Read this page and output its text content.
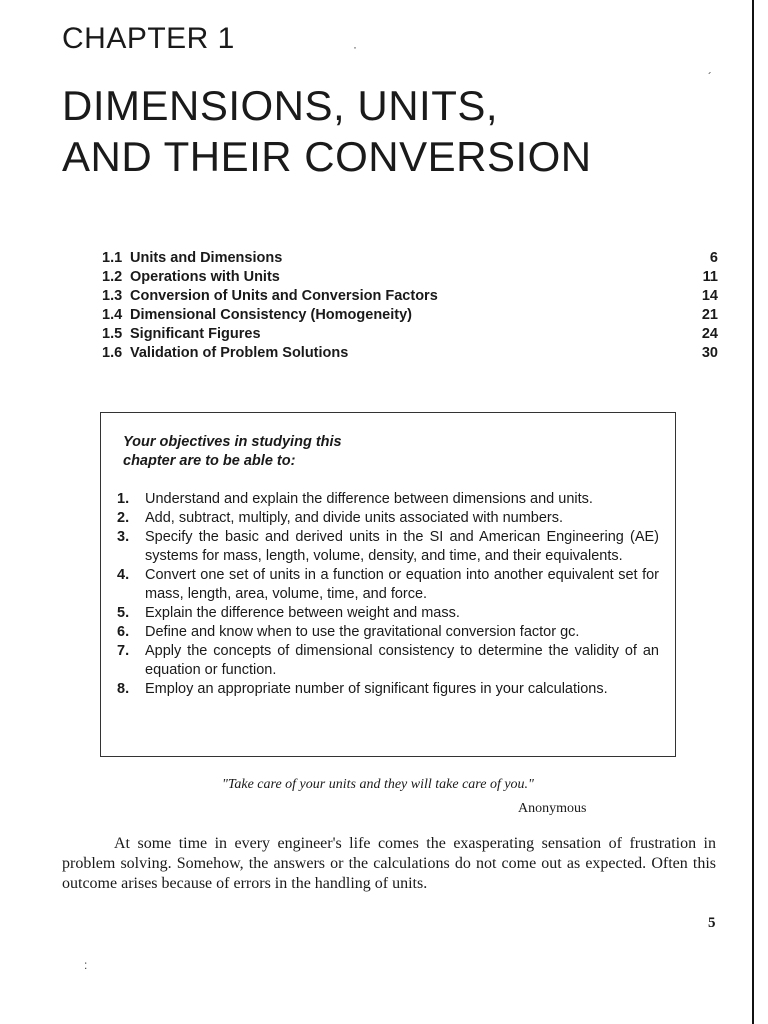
·
´
CHAPTER 1
DIMENSIONS, UNITS,
AND THEIR CONVERSION
1.1 Units and Dimensions	6
1.2 Operations with Units	11
1.3 Conversion of Units and Conversion Factors	14
1.4 Dimensional Consistency (Homogeneity)	21
1.5 Significant Figures	24
1.6 Validation of Problem Solutions	30
Your objectives in studying this
chapter are to be able to:
1.	Understand and explain the difference between dimensions and units.
2.	Add, subtract, multiply, and divide units associated with numbers.
3.	Specify the basic and derived units in the SI and American Engineering (AE) systems for mass, length, volume, density, and time, and their equivalents.
4.	Convert one set of units in a function or equation into another equivalent set for mass, length, area, volume, time, and force.
5.	Explain the difference between weight and mass.
6.	Define and know when to use the gravitational conversion factor gc.
7.	Apply the concepts of dimensional consistency to determine the validity of an equation or function.
8.	Employ an appropriate number of significant figures in your calculations.
"Take care of your units and they will take care of you."
Anonymous
At some time in every engineer's life comes the exasperating sensation of frustration in problem solving. Somehow, the answers or the calculations do not come out as expected. Often this outcome arises because of errors in the handling of units.
5
:
